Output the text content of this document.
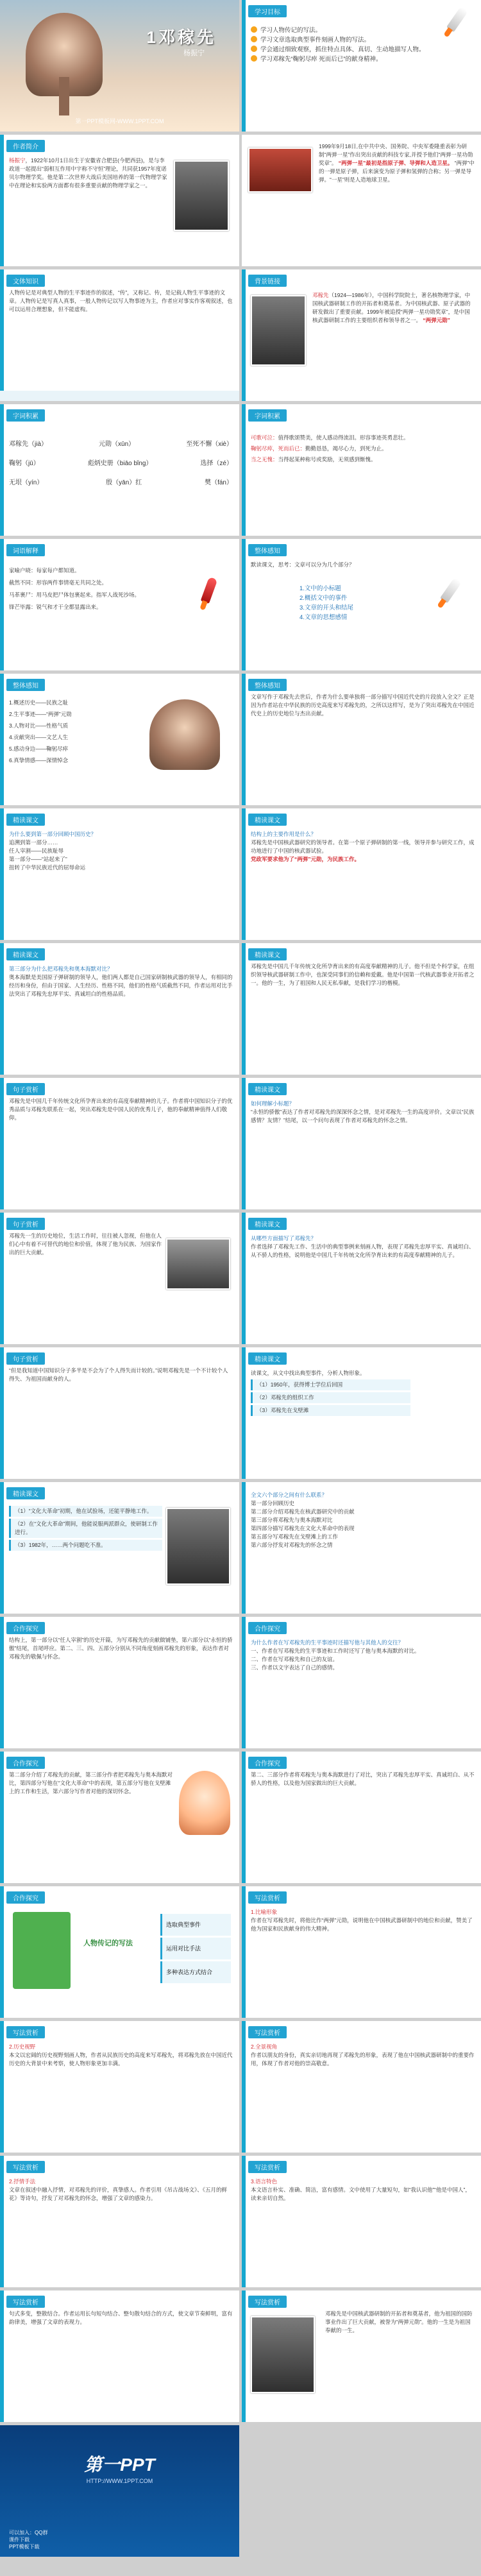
1邓稼先
杨振宁
第一PPT模板网-WWW.1PPT.COM
学习目标
学习人物传记的写法。
学习文章选取典型事件刻画人物的写法。
学会通过细致观察，抓住特点具体、真切、生动地描写人物。
学习邓稼先“鞠躬尽瘁 死而后已”的献身精神。
作者简介
杨振宁，1922年10月1日出生于安徽省合肥县(今肥西县)，是与李政道一起提出“弱相互作用中宇称不守恒”理论，共同获1957年度诺贝尔物理学奖。他是第二次世界大战后美国培养的第一代物理学家中在理论和实验两方面都有很多重要贡献的物理学家之一。
1999年9月18日,在中共中央、国务院、中央军委隆重表彰为研制“两弹一星”作出突出贡献的科技专家,并授予他们“两弹一星功勋奖章”。 “两弹一星”最初是指原子弹、导弹和人造卫星。 “两弹”中的一弹是原子弹，后来演变为原子弹和氢弹的合称；另一弹是导弹。“一星”则是人造地球卫星。
文体知识
人物传记是对典型人物的生平事迹作的叙述，“传”，又称记、传，是记载人物生平事迹的文章。人物传记是写真人真事，一般人物传记以写人物事迹为主，作者应对事实作客观叙述，也可以运用合理想象，但不能虚构。
背景链接
邓稼先（1924—1986年），中国科学院院士，著名核物理学家，中国核武器研制工作的开拓者和奠基者。为中国核武器、原子武器的研发做出了重要贡献。1999年被追授“两弹一星功勋奖章”，是中国核武器研制工作的主要组织者和领导者之一。 “两弹元勋”
字词积累
邓稼先（jià）	元勋（xūn）	至死不懈（xiè）
鞠躬（jū）	彪炳史册（biāo bǐng）	选择（zé）
无垠（yín）	殷（yān）红	樊（fán）
字词积累
可歌可泣：值得歌颂赞美，使人感动得流泪。形容事迹英勇悲壮。
鞠躬尽瘁，死而后已：勤勤恳恳，竭尽心力，到死为止。
当之无愧：当得起某种称号或奖励，无须感到惭愧。
词语解释
家喻户晓：每家每户都知道。
截然不同：形容两件事情毫无共同之处。
马革裹尸：用马皮把尸体包裹起来。指军人战死沙场。
锋芒毕露：锐气和才干全都显露出来。
整体感知
默读课文，思考：文章可以分为几个部分？
1.文中的小标题
2.概括文中的事件
3.文章的开头和结尾
4.文章的思想感情
整体感知
1.概述历史——民族之耻
2.生平事迹——“两弹”元勋
3.人物对比——性格气质
4.贡献突出——文艺人生
5.感动身边——鞠躬尽瘁
6.真挚情感——深情悼念
整体感知
文章写作于邓稼先去世后，作者为什么要单独将一部分描写中国近代史的片段放入全文？正是因为作者站在中华民族的历史高度来写邓稼先的，之所以这样写，是为了突出邓稼先在中国近代史上的历史地位与杰出贡献。
精读课文
为什么要到第一部分回顾中国历史？
追溯到第一部分……
任人宰割——民族耻辱
第一部分——“站起来了”
扭转了中华民族近代的屈辱命运
精读课文
结构上的主要作用是什么？
邓稼先是中国核武器研究的领导者。在第一个原子弹研制的第一线，领导并参与研究工作，成功地进行了中国的核武器试验。
党政军要求他为了“两弹”元勋，为民族工作。
精读课文
第三部分为什么把邓稼先和奥本海默对比？
奥本海默是美国原子弹研制的领导人，他们两人都是自己国家研制核武器的领导人，有相同的经历和身份，但由于国家、人生经历、性格不同，他们的性格气质截然不同，作者运用对比手法突出了邓稼先忠厚平实、真诚坦白的性格品质。
精读课文
邓稼先是中国几千年传统文化所孕育出来的有高度奉献精神的儿子。他不但是个科学家，在组织领导核武器研制工作中，也深受同事们的信赖和爱戴。他是中国第一代核武器事业开拓者之一。他的一生，为了祖国和人民无私奉献，是我们学习的楷模。
句子赏析
邓稼先是中国几千年传统文化所孕育出来的有高度奉献精神的儿子。作者将中国知识分子的优秀品质与邓稼先联系在一起，突出邓稼先是中国人民的优秀儿子，他的奉献精神值得人们敬仰。
精读课文
如何理解小标题？
“永恒的骄傲”表达了作者对邓稼先的深深怀念之情，是对邓稼先一生的高度评价。文章以“民族感情？友情？”结尾，以一个问句表现了作者对邓稼先的怀念之情。
句子赏析
邓稼先一生的历史地位，生活工作时，往往被人忽视，但他在人们心中有着不可替代的地位和价值，体现了他为民族、为国家作出的巨大贡献。
精读课文
从哪些方面描写了邓稼先？
作者选择了邓稼先工作、生活中的典型事例来刻画人物，表现了邓稼先忠厚平实、真诚坦白、从不骄人的性格，说明他是中国几千年传统文化所孕育出来的有高度奉献精神的儿子。
句子赏析
“但是我知道中国知识分子多半是不会为了个人得失而计较的。”说明邓稼先是一个不计较个人得失、为祖国而献身的人。
精读课文
读课文，从文中找出典型事件，分析人物形象。
（1）1950年，获得博士学位后回国
（2）邓稼先的组织工作
（3）邓稼先在戈壁滩
精读课文
（1）“文化大革命”初期，他在试验场，还能平静地工作。
（2）在“文化大革命”期间，他能说服两派群众，使研制工作进行。
（3）1982年，……两个问题吃不准。
全文六个部分之间有什么联系？
第一部分回顾历史
第二部分介绍邓稼先在核武器研究中的贡献
第三部分将邓稼先与奥本海默对比
第四部分描写邓稼先在文化大革命中的表现
第五部分写邓稼先在戈壁滩上的工作
第六部分抒发对邓稼先的怀念之情
合作探究
结构上，第一部分以“任人宰割”的历史开篇，为写邓稼先的贡献做铺垫，第六部分以“永恒的骄傲”结尾，首尾呼应。第二、三、四、五部分分别从不同角度刻画邓稼先的形象，表达作者对邓稼先的敬佩与怀念。
合作探究
为什么作者在写邓稼先的生平事迹时还描写他与其他人的交往？
一、作者在写邓稼先的生平事迹和工作时还写了他与奥本海默的对比。
二、作者在写邓稼先和自己的友谊。
三、作者以文字表达了自己的感情。
合作探究
第二部分介绍了邓稼先的贡献，第三部分作者把邓稼先与奥本海默对比，第四部分写他在“文化大革命”中的表现，第五部分写他在戈壁滩上的工作和生活，第六部分写作者对他的深切怀念。
合作探究
第二、三部分作者将邓稼先与奥本海默进行了对比，突出了邓稼先忠厚平实、真诚坦白、从不骄人的性格，以及他为国家做出的巨大贡献。
合作探究
人物传记的写法
选取典型事件
运用对比手法
多种表达方式结合
写法赏析
1.比喻形象
作者在写邓稼先时，将他比作“两弹”元勋，说明他在中国核武器研制中的地位和贡献，赞美了他为国家和民族献身的伟大精神。
写法赏析
2.历史视野
本文以宏阔的历史视野刻画人物，作者从民族历史的高度来写邓稼先，将邓稼先放在中国近代历史的大背景中来考察，使人物形象更加丰满。
写法赏析
2.全景视角
作者以朋友的身份，真实亲切地再现了邓稼先的形象，表现了他在中国核武器研制中的重要作用，体现了作者对他的崇高敬意。
写法赏析
2.抒情手法
文章在叙述中融入抒情，对邓稼先的评价，真挚感人。作者引用《吊古战场文》、《五月的鲜花》等诗句，抒发了对邓稼先的怀念，增强了文章的感染力。
写法赏析
3.语言特色
本文语言朴实、准确、简洁，富有感情。文中使用了大量短句，如“我认识他”“他是中国人”，读来亲切自然。
写法赏析
句式多变，整散结合。作者运用长句短句结合、整句散句结合的方式，使文章节奏鲜明，富有韵律美，增强了文章的表现力。
写法赏析
邓稼先是中国核武器研制的开拓者和奠基者，他为祖国的国防事业作出了巨大贡献，被誉为“两弹元勋”。他的一生是为祖国奉献的一生。
第一PPT
HTTP://WWW.1PPT.COM
可以加入：QQ群
课件下载
PPT模板下载
